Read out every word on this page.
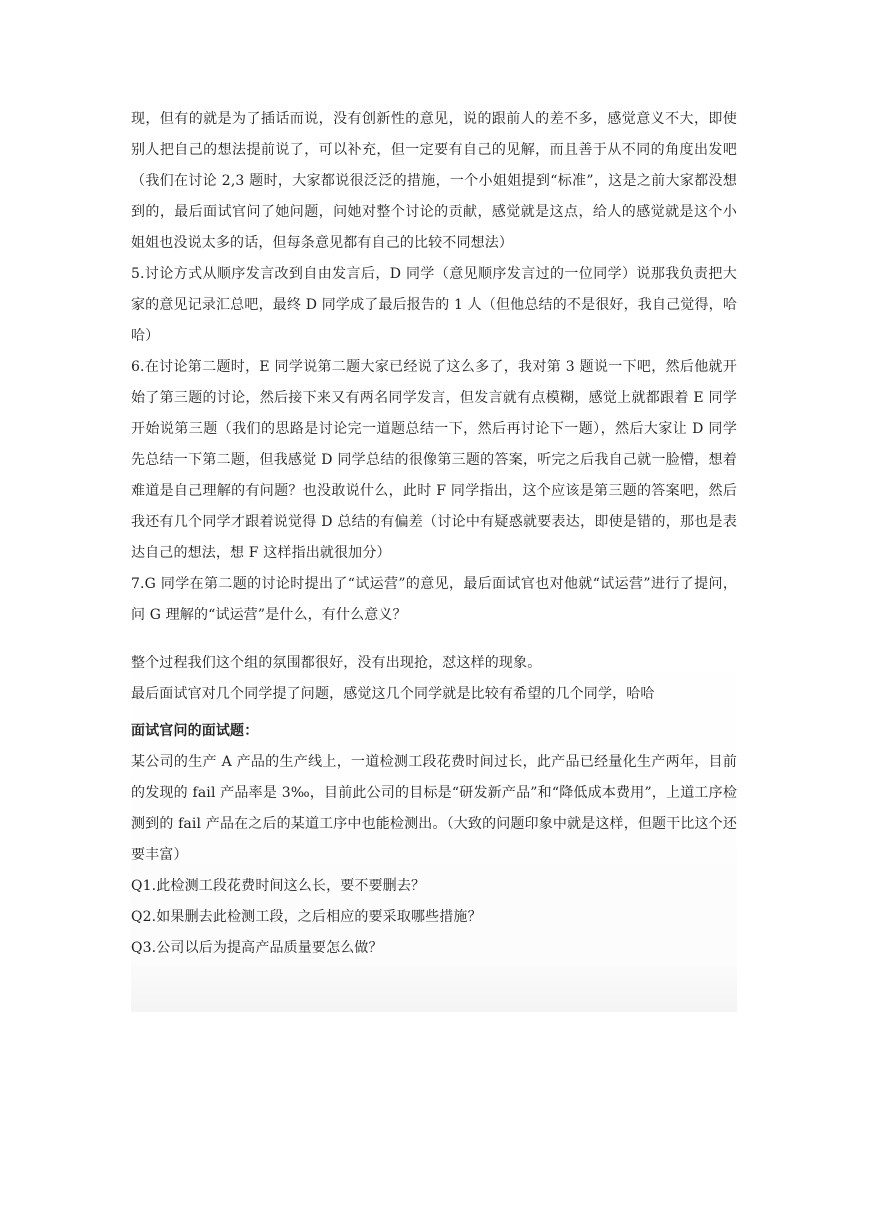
现，但有的就是为了插话而说，没有创新性的意见，说的跟前人的差不多，感觉意义不大，即使别人把自己的想法提前说了，可以补充，但一定要有自己的见解，而且善于从不同的角度出发吧（我们在讨论 2,3 题时，大家都说很泛泛的措施，一个小姐姐提到“标准”，这是之前大家都没想到的，最后面试官问了她问题，问她对整个讨论的贡献，感觉就是这点，给人的感觉就是这个小姐姐也没说太多的话，但每条意见都有自己的比较不同想法）

5.讨论方式从顺序发言改到自由发言后，D 同学（意见顺序发言过的一位同学）说那我负责把大家的意见记录汇总吧，最终 D 同学成了最后报告的 1 人（但他总结的不是很好，我自己觉得，哈哈）

6.在讨论第二题时，E 同学说第二题大家已经说了这么多了，我对第 3 题说一下吧，然后他就开始了第三题的讨论，然后接下来又有两名同学发言，但发言就有点模糊，感觉上就都跟着 E 同学开始说第三题（我们的思路是讨论完一道题总结一下，然后再讨论下一题），然后大家让 D 同学先总结一下第二题，但我感觉 D 同学总结的很像第三题的答案，听完之后我自己就一脸懵，想着难道是自己理解的有问题？也没敢说什么，此时 F 同学指出，这个应该是第三题的答案吧，然后我还有几个同学才跟着说觉得 D 总结的有偏差（讨论中有疑惑就要表达，即使是错的，那也是表达自己的想法，想 F 这样指出就很加分）

7.G 同学在第二题的讨论时提出了“试运营”的意见，最后面试官也对他就“试运营”进行了提问，问 G 理解的“试运营”是什么，有什么意义？

整个过程我们这个组的氛围都很好，没有出现抢，怼这样的现象。

最后面试官对几个同学提了问题，感觉这几个同学就是比较有希望的几个同学，哈哈

面试官问的面试题：

某公司的生产 A 产品的生产线上，一道检测工段花费时间过长，此产品已经量化生产两年，目前的发现的 fail 产品率是 3‰，目前此公司的目标是“研发新产品”和“降低成本费用”，上道工序检测到的 fail 产品在之后的某道工序中也能检测出。（大致的问题印象中就是这样，但题干比这个还要丰富）

Q1.此检测工段花费时间这么长，要不要删去？

Q2.如果删去此检测工段，之后相应的要采取哪些措施？

Q3.公司以后为提高产品质量要怎么做？
